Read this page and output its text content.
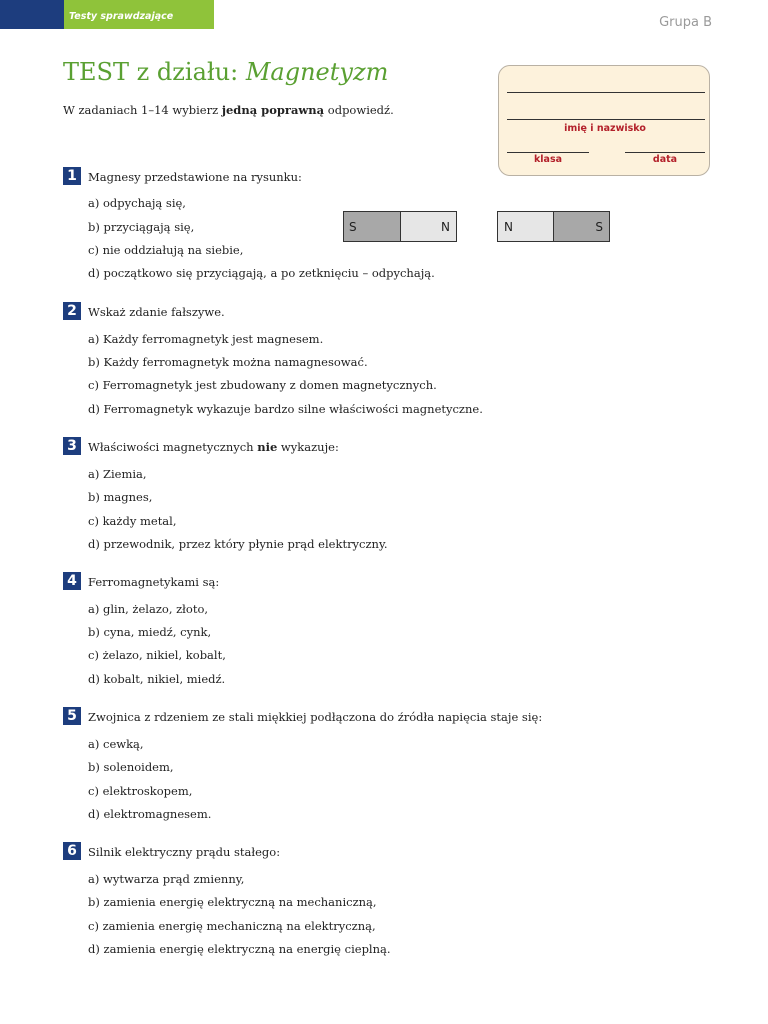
Testy sprawdzające	Grupa B
TEST z działu: Magnetyzm
W zadaniach 1–14 wybierz jedną poprawną odpowiedź.
imię i nazwisko
klasa	data
S	N	N	S
1 Magnesy przedstawione na rysunku:
a) odpychają się,
b) przyciągają się,
c) nie oddziałują na siebie,
d) początkowo się przyciągają, a po zetknięciu – odpychają.
2 Wskaż zdanie fałszywe.
a) Każdy ferromagnetyk jest magnesem.
b) Każdy ferromagnetyk można namagnesować.
c) Ferromagnetyk jest zbudowany z domen magnetycznych.
d) Ferromagnetyk wykazuje bardzo silne właściwości magnetyczne.
3 Właściwości magnetycznych nie wykazuje:
a) Ziemia,
b) magnes,
c) każdy metal,
d) przewodnik, przez który płynie prąd elektryczny.
4 Ferromagnetykami są:
a) glin, żelazo, złoto,
b) cyna, miedź, cynk,
c) żelazo, nikiel, kobalt,
d) kobalt, nikiel, miedź.
5 Zwojnica z rdzeniem ze stali miękkiej podłączona do źródła napięcia staje się:
a) cewką,
b) solenoidem,
c) elektroskopem,
d) elektromagnesem.
6 Silnik elektryczny prądu stałego:
a) wytwarza prąd zmienny,
b) zamienia energię elektryczną na mechaniczną,
c) zamienia energię mechaniczną na elektryczną,
d) zamienia energię elektryczną na energię cieplną.
